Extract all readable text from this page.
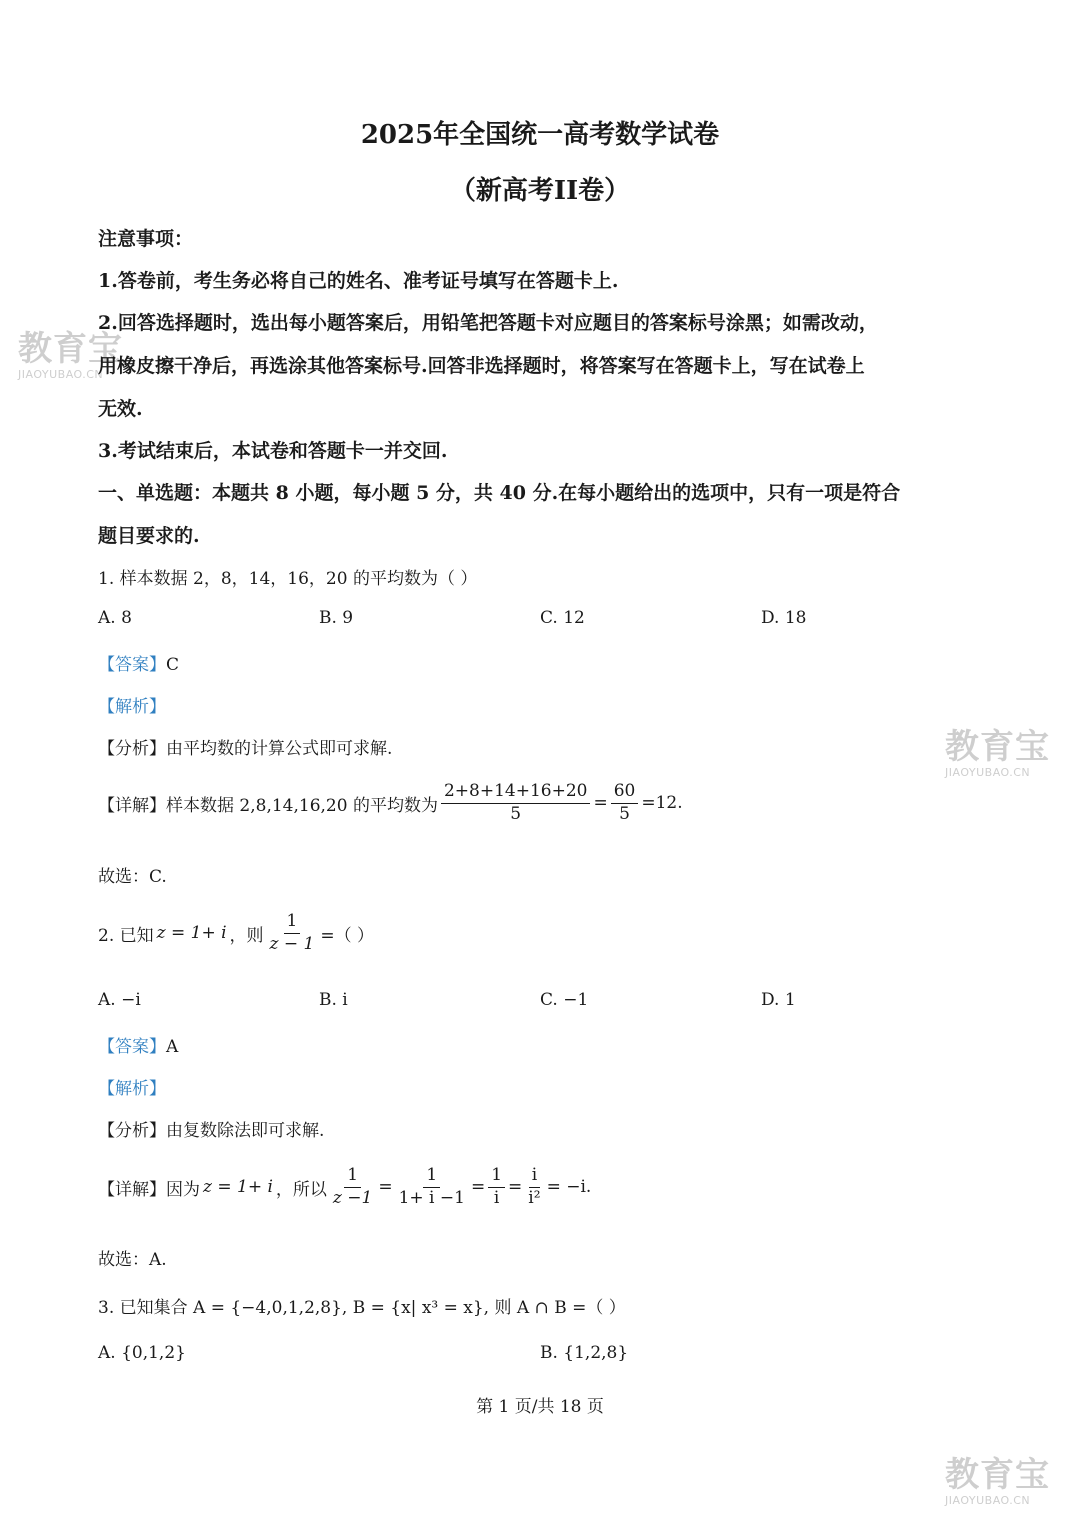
教育宝
JIAOYUBAO.CN
教育宝
JIAOYUBAO.CN
教育宝
JIAOYUBAO.CN
2025年全国统一高考数学试卷
（新高考II卷）
注意事项：
1.答卷前，考生务必将自己的姓名、准考证号填写在答题卡上.
2.回答选择题时，选出每小题答案后，用铅笔把答题卡对应题目的答案标号涂黑；如需改动，
用橡皮擦干净后，再选涂其他答案标号.回答非选择题时，将答案写在答题卡上，写在试卷上
无效.
3.考试结束后，本试卷和答题卡一并交回.
一、单选题：本题共 8 小题，每小题 5 分，共 40 分.在每小题给出的选项中，只有一项是符合
题目要求的.
1. 样本数据 2，8，14，16，20 的平均数为（ ）
A. 8	B. 9	C. 12	D. 18
【答案】C
【解析】
【分析】由平均数的计算公式即可求解.
【详解】样本数据 2,8,14,16,20 的平均数为 $\frac{2+8+14+16+20}{5} = \frac{60}{5} =12$.
故选：C.
2. 已知 z = 1+ i ，则 $\frac{1}{z - 1}$ =（ ）
A. −i	B. i	C. −1	D. 1
【答案】A
【解析】
【分析】由复数除法即可求解.
【详解】因为 z = 1+ i ，所以 $\frac{1}{z -1} = \frac{1}{1+ i -1} = \frac{1}{i} = \frac{i}{\text{i²}} = -i$.
故选：A.
3. 已知集合 A = {−4,0,1,2,8}, B = {x| x³ = x}, 则 A ∩ B =（ ）
A. {0,1,2}	B. {1,2,8}
第 1 页/共 18 页
